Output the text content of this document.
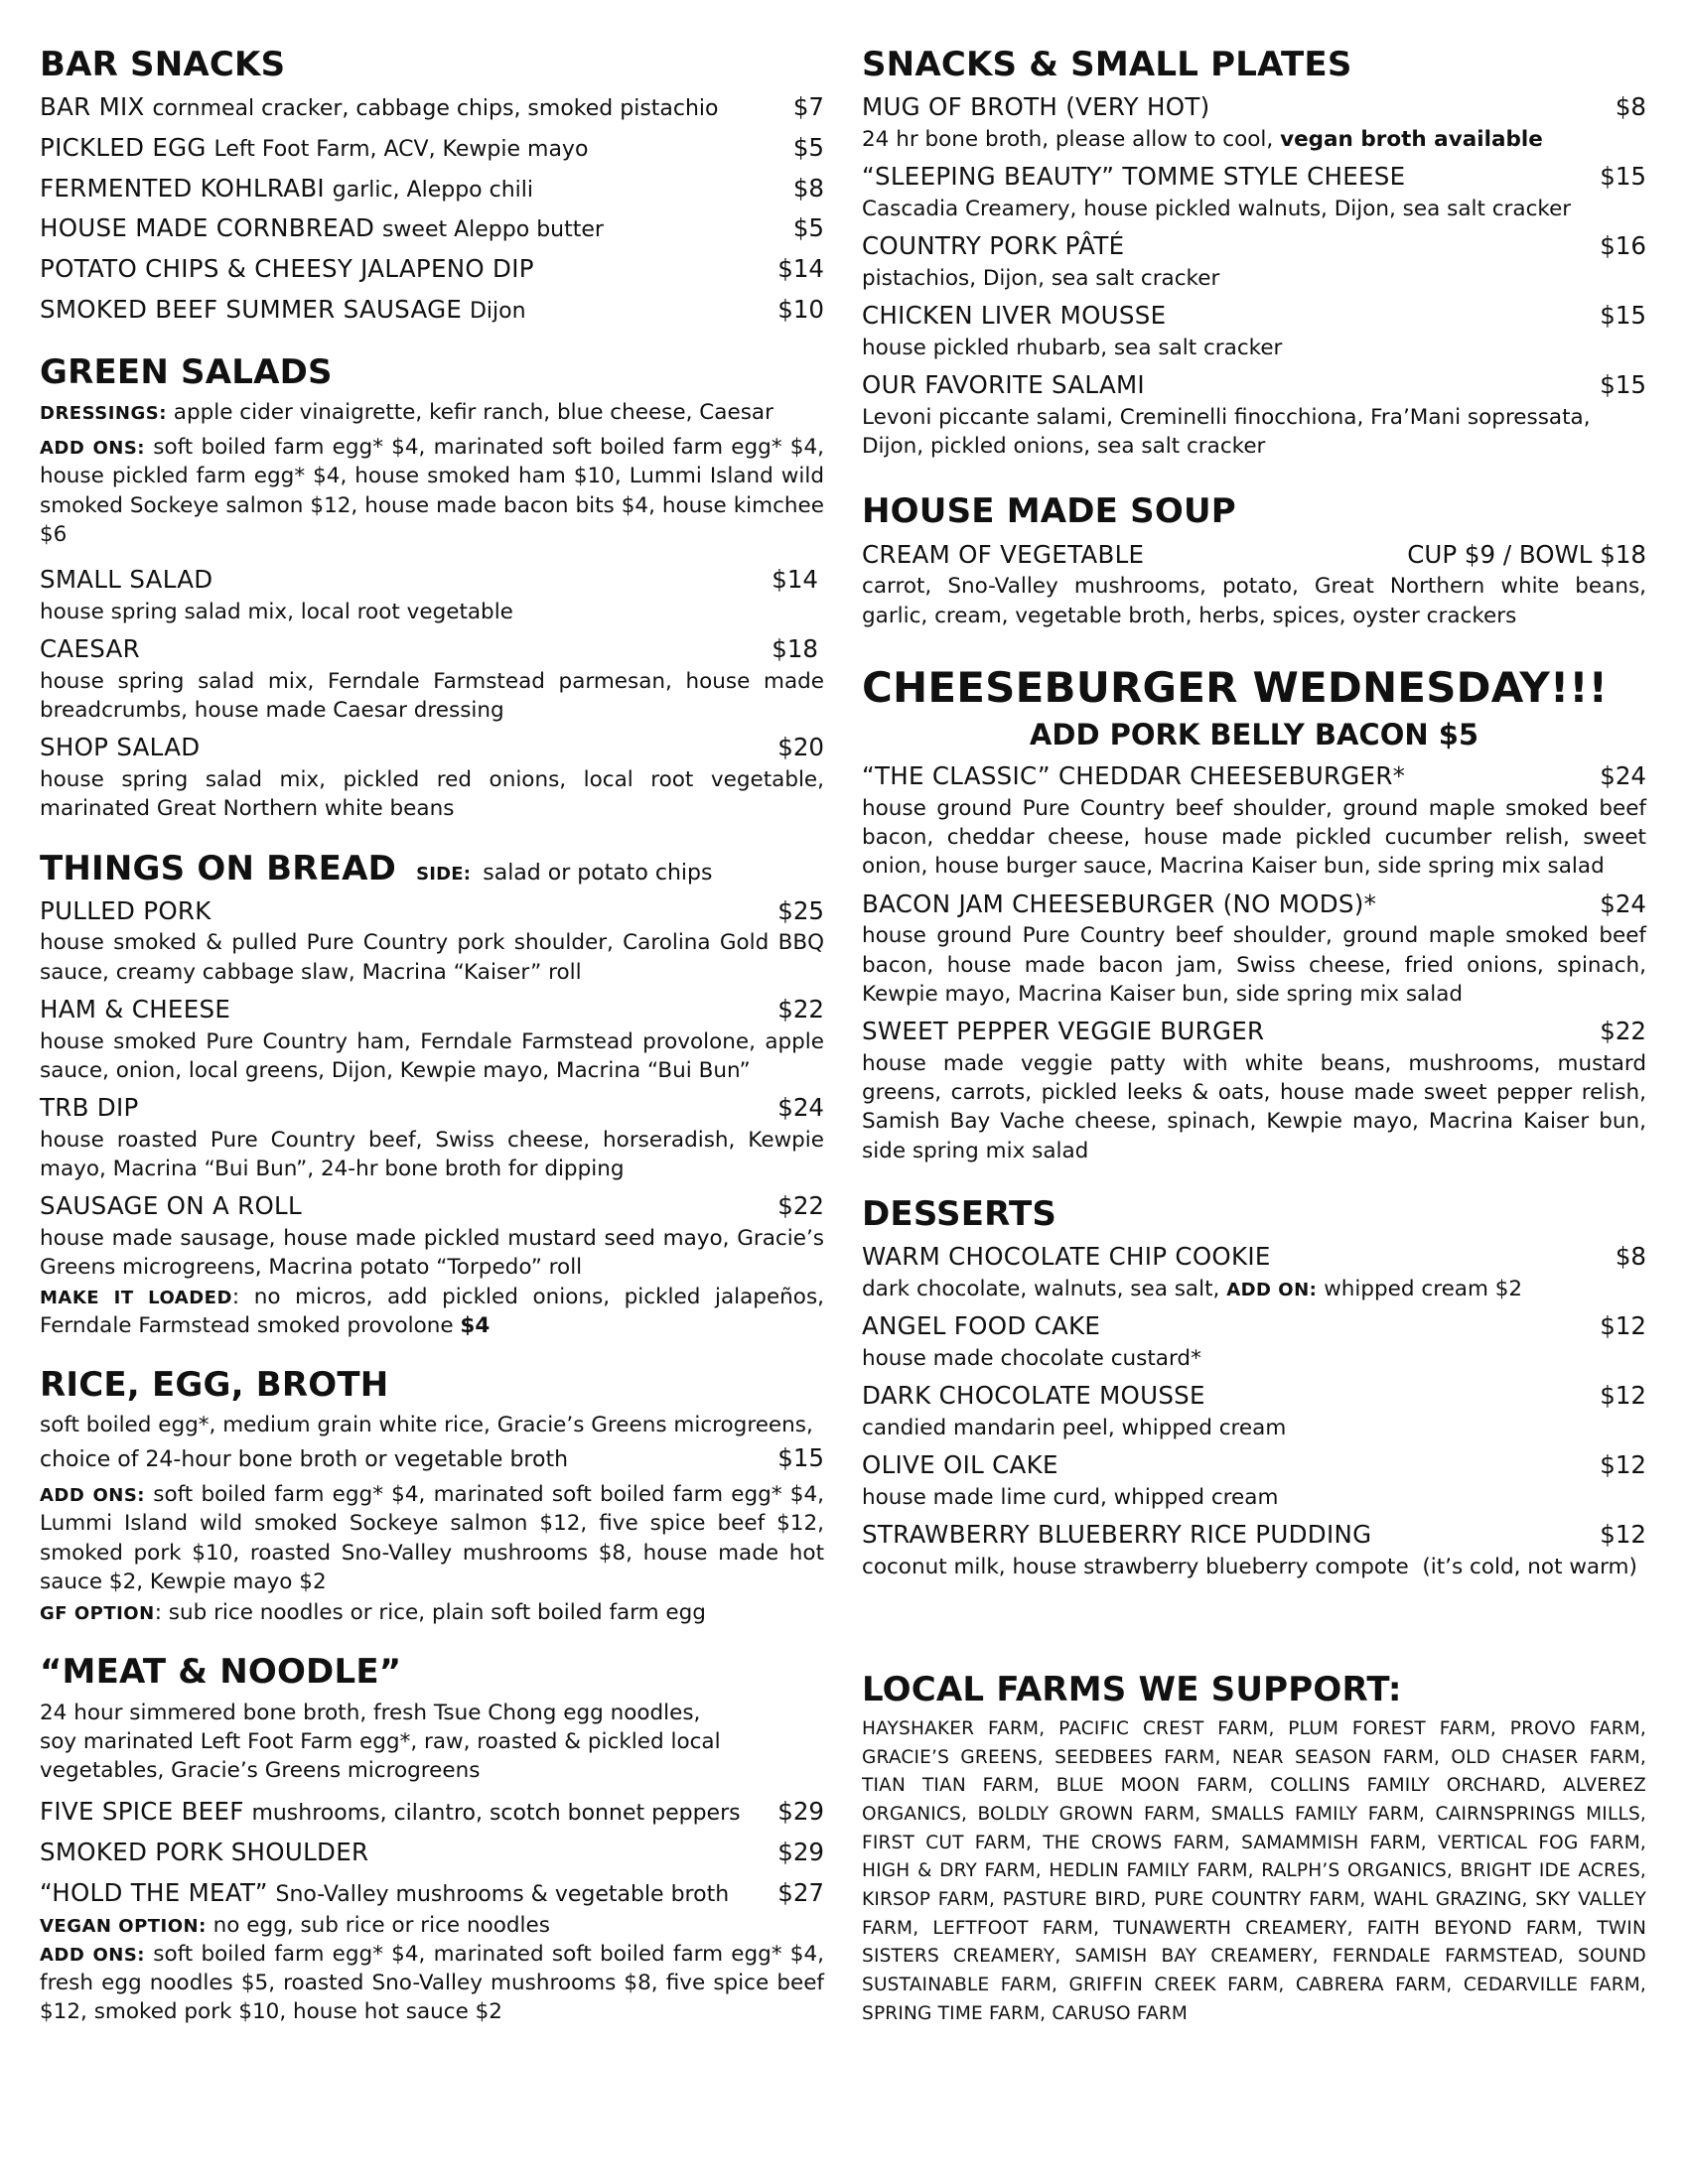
BAR SNACKS
BAR MIX cornmeal cracker, cabbage chips, smoked pistachio	$7
PICKLED EGG Left Foot Farm, ACV, Kewpie mayo	$5
FERMENTED KOHLRABI garlic, Aleppo chili	$8
HOUSE MADE CORNBREAD sweet Aleppo butter	$5
POTATO CHIPS & CHEESY JALAPENO DIP	$14
SMOKED BEEF SUMMER SAUSAGE Dijon	$10
GREEN SALADS
DRESSINGS: apple cider vinaigrette, kefir ranch, blue cheese, Caesar
ADD ONS: soft boiled farm egg* $4, marinated soft boiled farm egg* $4, house pickled farm egg* $4, house smoked ham $10, Lummi Island wild smoked Sockeye salmon $12, house made bacon bits $4, house kimchee $6
SMALL SALAD	$14
house spring salad mix, local root vegetable
CAESAR	$18
house spring salad mix, Ferndale Farmstead parmesan, house made breadcrumbs, house made Caesar dressing
SHOP SALAD	$20
house spring salad mix, pickled red onions, local root vegetable, marinated Great Northern white beans
THINGS ON BREAD SIDE: salad or potato chips
PULLED PORK	$25
house smoked & pulled Pure Country pork shoulder, Carolina Gold BBQ sauce, creamy cabbage slaw, Macrina “Kaiser” roll
HAM & CHEESE	$22
house smoked Pure Country ham, Ferndale Farmstead provolone, apple sauce, onion, local greens, Dijon, Kewpie mayo, Macrina “Bui Bun”
TRB DIP	$24
house roasted Pure Country beef, Swiss cheese, horseradish, Kewpie mayo, Macrina “Bui Bun”, 24-hr bone broth for dipping
SAUSAGE ON A ROLL	$22
house made sausage, house made pickled mustard seed mayo, Gracie’s Greens microgreens, Macrina potato “Torpedo” roll
MAKE IT LOADED: no micros, add pickled onions, pickled jalapeños, Ferndale Farmstead smoked provolone $4
RICE, EGG, BROTH
soft boiled egg*, medium grain white rice, Gracie’s Greens microgreens,
choice of 24-hour bone broth or vegetable broth	$15
ADD ONS: soft boiled farm egg* $4, marinated soft boiled farm egg* $4, Lummi Island wild smoked Sockeye salmon $12, five spice beef $12, smoked pork $10, roasted Sno-Valley mushrooms $8, house made hot sauce $2, Kewpie mayo $2
GF OPTION: sub rice noodles or rice, plain soft boiled farm egg
“MEAT & NOODLE”
24 hour simmered bone broth, fresh Tsue Chong egg noodles, soy marinated Left Foot Farm egg*, raw, roasted & pickled local vegetables, Gracie’s Greens microgreens
FIVE SPICE BEEF mushrooms, cilantro, scotch bonnet peppers	$29
SMOKED PORK SHOULDER	$29
“HOLD THE MEAT” Sno-Valley mushrooms & vegetable broth	$27
VEGAN OPTION: no egg, sub rice or rice noodles
ADD ONS: soft boiled farm egg* $4, marinated soft boiled farm egg* $4, fresh egg noodles $5, roasted Sno-Valley mushrooms $8, five spice beef $12, smoked pork $10, house hot sauce $2
SNACKS & SMALL PLATES
MUG OF BROTH (VERY HOT)	$8
24 hr bone broth, please allow to cool, vegan broth available
“SLEEPING BEAUTY” TOMME STYLE CHEESE	$15
Cascadia Creamery, house pickled walnuts, Dijon, sea salt cracker
COUNTRY PORK PÂTÉ	$16
pistachios, Dijon, sea salt cracker
CHICKEN LIVER MOUSSE	$15
house pickled rhubarb, sea salt cracker
OUR FAVORITE SALAMI	$15
Levoni piccante salami, Creminelli finocchiona, Fra’Mani sopressata, Dijon, pickled onions, sea salt cracker
HOUSE MADE SOUP
CREAM OF VEGETABLE	CUP $9 / BOWL $18
carrot, Sno-Valley mushrooms, potato, Great Northern white beans, garlic, cream, vegetable broth, herbs, spices, oyster crackers
CHEESEBURGER WEDNESDAY!!!
ADD PORK BELLY BACON $5
“THE CLASSIC” CHEDDAR CHEESEBURGER*	$24
house ground Pure Country beef shoulder, ground maple smoked beef bacon, cheddar cheese, house made pickled cucumber relish, sweet onion, house burger sauce, Macrina Kaiser bun, side spring mix salad
BACON JAM CHEESEBURGER (NO MODS)*	$24
house ground Pure Country beef shoulder, ground maple smoked beef bacon, house made bacon jam, Swiss cheese, fried onions, spinach, Kewpie mayo, Macrina Kaiser bun, side spring mix salad
SWEET PEPPER VEGGIE BURGER	$22
house made veggie patty with white beans, mushrooms, mustard greens, carrots, pickled leeks & oats, house made sweet pepper relish, Samish Bay Vache cheese, spinach, Kewpie mayo, Macrina Kaiser bun, side spring mix salad
DESSERTS
WARM CHOCOLATE CHIP COOKIE	$8
dark chocolate, walnuts, sea salt, ADD ON: whipped cream $2
ANGEL FOOD CAKE	$12
house made chocolate custard*
DARK CHOCOLATE MOUSSE	$12
candied mandarin peel, whipped cream
OLIVE OIL CAKE	$12
house made lime curd, whipped cream
STRAWBERRY BLUEBERRY RICE PUDDING	$12
coconut milk, house strawberry blueberry compote  (it’s cold, not warm)
LOCAL FARMS WE SUPPORT:
HAYSHAKER FARM, PACIFIC CREST FARM, PLUM FOREST FARM, PROVO FARM, GRACIE’S GREENS, SEEDBEES FARM, NEAR SEASON FARM, OLD CHASER FARM, TIAN TIAN FARM, BLUE MOON FARM, COLLINS FAMILY ORCHARD, ALVEREZ ORGANICS, BOLDLY GROWN FARM, SMALLS FAMILY FARM, CAIRNSPRINGS MILLS, FIRST CUT FARM, THE CROWS FARM, SAMAMMISH FARM, VERTICAL FOG FARM, HIGH & DRY FARM, HEDLIN FAMILY FARM, RALPH’S ORGANICS, BRIGHT IDE ACRES, KIRSOP FARM, PASTURE BIRD, PURE COUNTRY FARM, WAHL GRAZING, SKY VALLEY FARM, LEFTFOOT FARM, TUNAWERTH CREAMERY, FAITH BEYOND FARM, TWIN SISTERS CREAMERY, SAMISH BAY CREAMERY, FERNDALE FARMSTEAD, SOUND SUSTAINABLE FARM, GRIFFIN CREEK FARM, CABRERA FARM, CEDARVILLE FARM, SPRING TIME FARM, CARUSO FARM
